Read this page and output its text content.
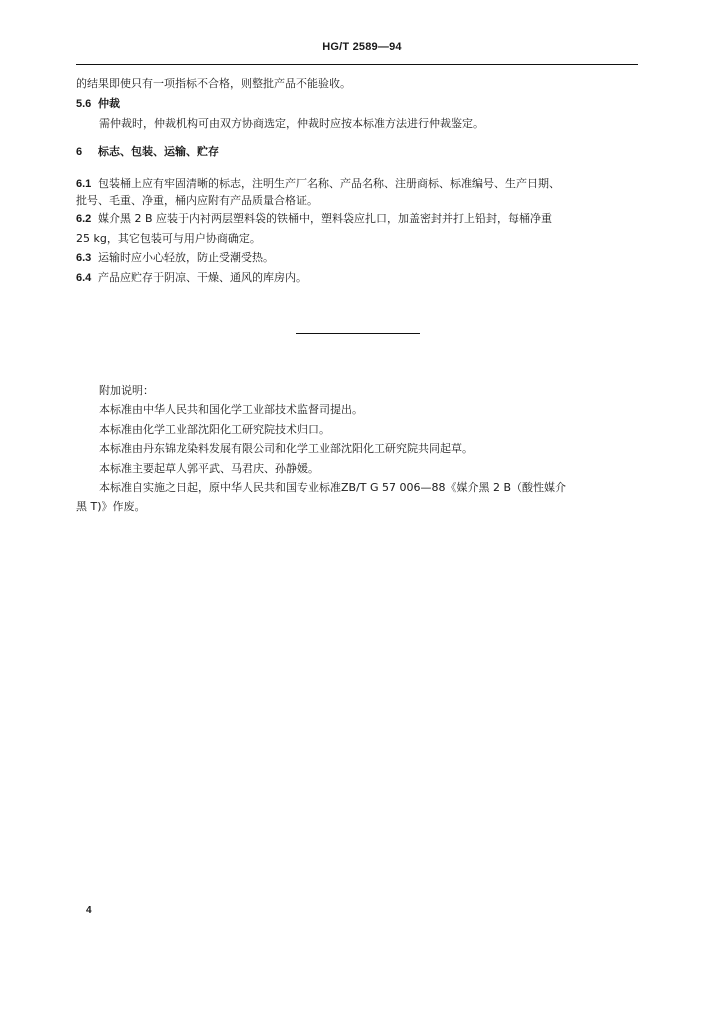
HG/T 2589—94
的结果即使只有一项指标不合格，则整批产品不能验收。
5.6 仲裁
需仲裁时，仲裁机构可由双方协商选定，仲裁时应按本标准方法进行仲裁鉴定。
6 标志、包装、运输、贮存
6.1 包装桶上应有牢固清晰的标志，注明生产厂名称、产品名称、注册商标、标准编号、生产日期、
批号、毛重、净重，桶内应附有产品质量合格证。
6.2 媒介黑 2 B 应装于内衬两层塑料袋的铁桶中，塑料袋应扎口，加盖密封并打上铅封，每桶净重
25 kg，其它包装可与用户协商确定。
6.3 运输时应小心轻放，防止受潮受热。
6.4 产品应贮存于阴凉、干燥、通风的库房内。
附加说明：
本标准由中华人民共和国化学工业部技术监督司提出。
本标准由化学工业部沈阳化工研究院技术归口。
本标准由丹东锦龙染料发展有限公司和化学工业部沈阳化工研究院共同起草。
本标准主要起草人郭平武、马君庆、孙静媛。
本标准自实施之日起，原中华人民共和国专业标准ZB/T G 57 006—88《媒介黑 2 B（酸性媒介
黑 T)》作废。
4
